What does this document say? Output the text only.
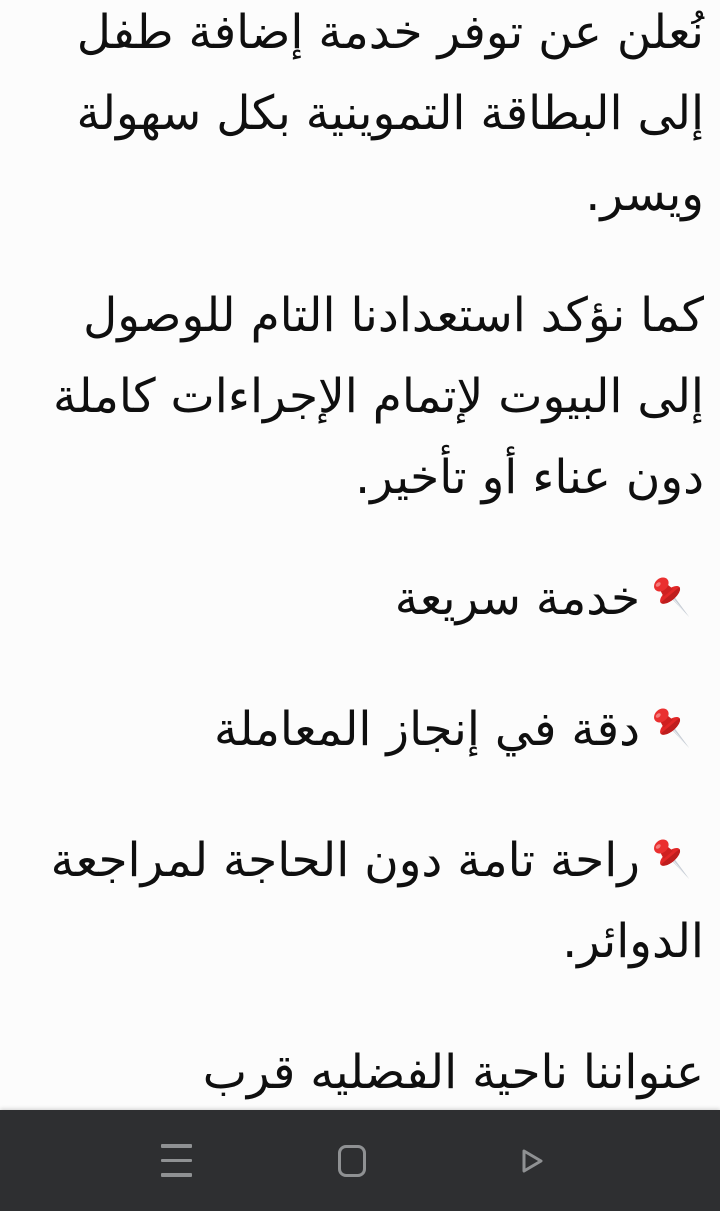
نُعلن عن توفر خدمة إضافة طفل
إلى البطاقة التموينية بكل سهولة
ويسر.
كما نؤكد استعدادنا التام للوصول
إلى البيوت لإتمام الإجراءات كاملة
دون عناء أو تأخير.
خدمة سريعة
دقة في إنجاز المعاملة
راحة تامة دون الحاجة لمراجعة
الدوائر.
عنواننا ناحية الفضليه قرب
